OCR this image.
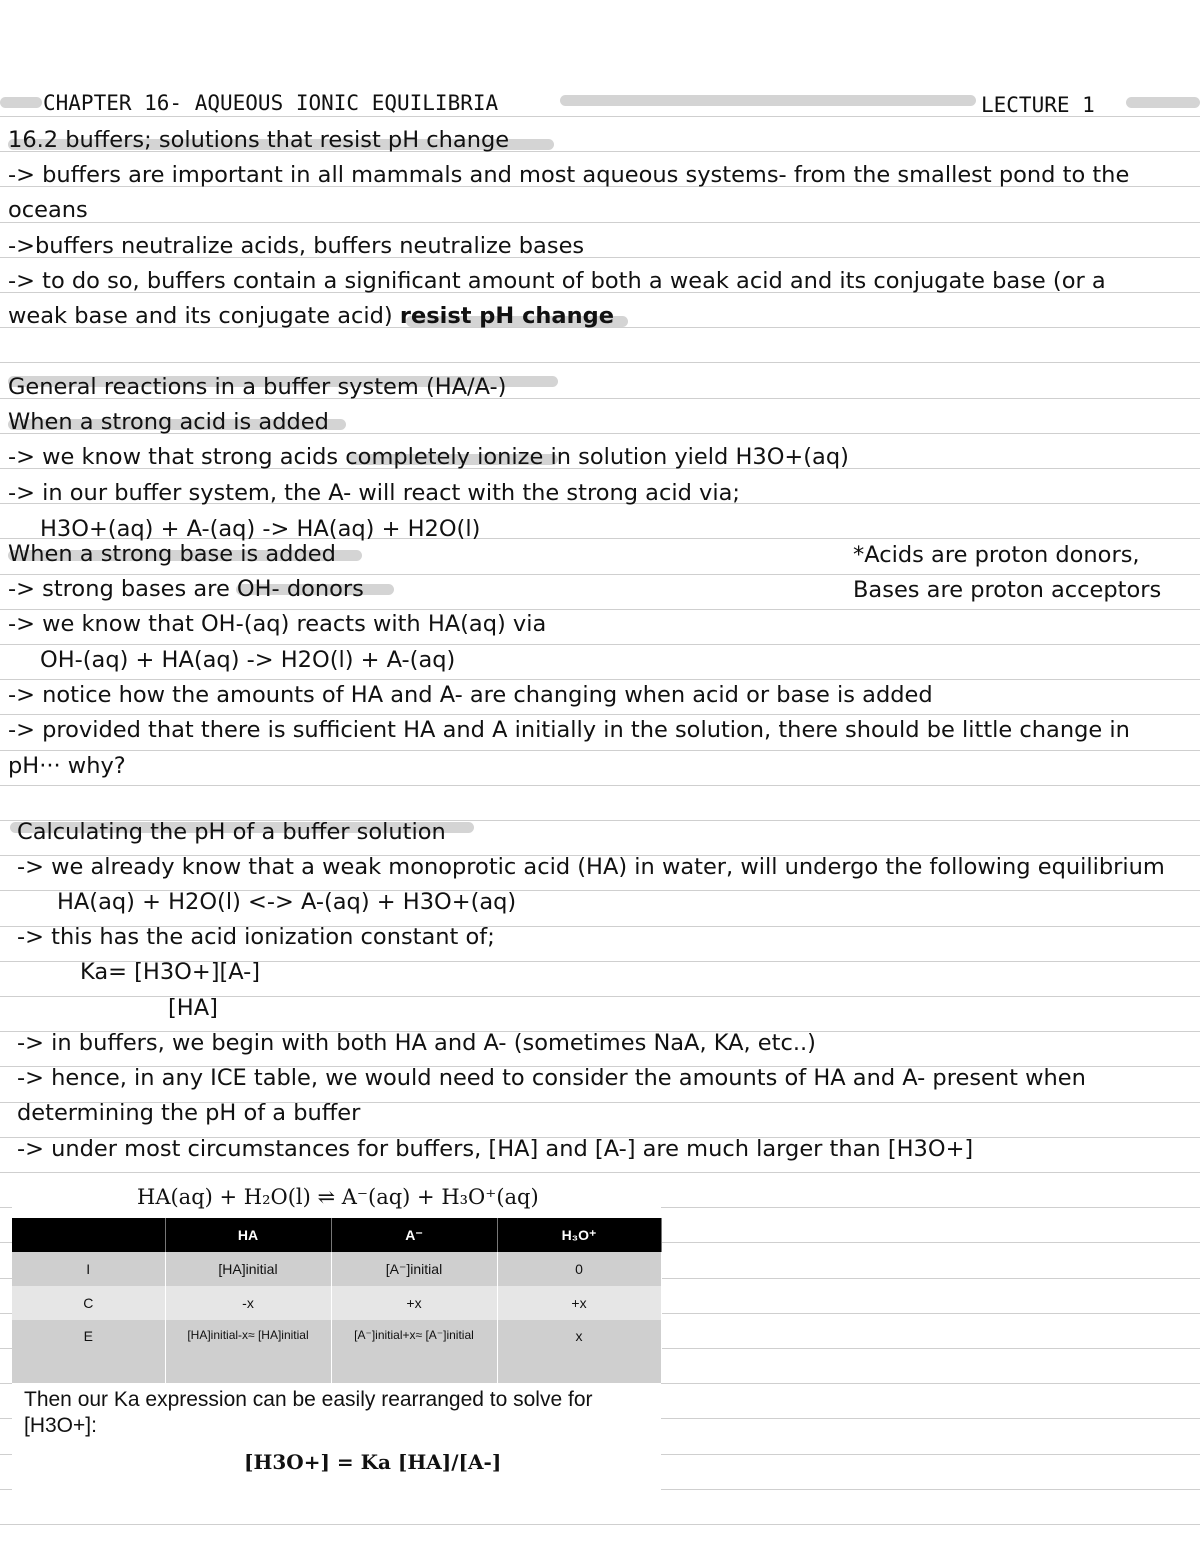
CHAPTER 16- AQUEOUS IONIC EQUILIBRIA	LECTURE 1
16.2 buffers; solutions that resist pH change
-> buffers are important in all mammals and most aqueous systems- from the smallest pond to the
oceans
->buffers neutralize acids, buffers neutralize bases
-> to do so, buffers contain a significant amount of both a weak acid and its conjugate base (or a
weak base and its conjugate acid) resist pH change
General reactions in a buffer system (HA/A-)
When a strong acid is added
-> we know that strong acids completely ionize in solution yield H3O+(aq)
-> in our buffer system, the A- will react with the strong acid via;
H3O+(aq) + A-(aq) -> HA(aq) + H2O(l)
When a strong base is added
-> strong bases are OH- donors
-> we know that OH-(aq) reacts with HA(aq) via
OH-(aq) + HA(aq) -> H2O(l) + A-(aq)
-> notice how the amounts of HA and A- are changing when acid or base is added
-> provided that there is sufficient HA and A initially in the solution, there should be little change in
pH··· why?
*Acids are proton donors,
Bases are proton acceptors
Calculating the pH of a buffer solution
-> we already know that a weak monoprotic acid (HA) in water, will undergo the following equilibrium
HA(aq) + H2O(l) <-> A-(aq) + H3O+(aq)
-> this has the acid ionization constant of;
Ka= [H3O+][A-]
[HA]
-> in buffers, we begin with both HA and A- (sometimes NaA, KA, etc..)
-> hence, in any ICE table, we would need to consider the amounts of HA and A- present when
determining the pH of a buffer
-> under most circumstances for buffers, [HA] and [A-] are much larger than [H3O+]
HA(aq) + H₂O(l) ⇌ A⁻(aq) + H₃O⁺(aq)
	HA	A⁻	H₃O⁺
I	[HA]initial	[A⁻]initial	0
C	-x	+x	+x
E	[HA]initial-x≈ [HA]initial	[A⁻]initial+x≈ [A⁻]initial	x
Then our Ka expression can be easily rearranged to solve for
[H3O+]:
[H3O+] = Ka [HA]/[A-]
